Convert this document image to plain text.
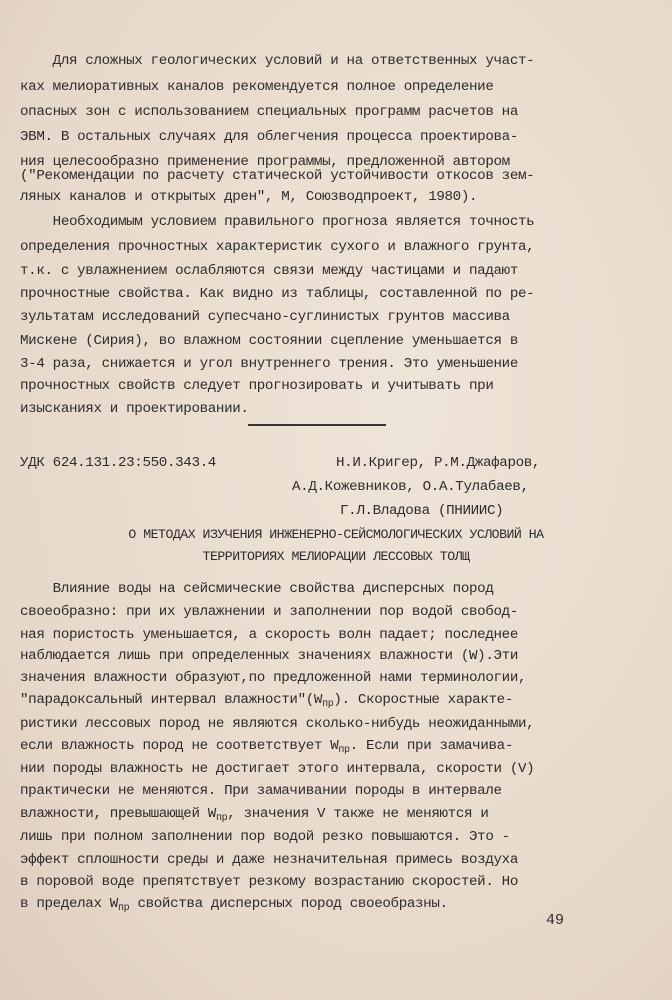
Для сложных геологических условий и на ответственных участ-
ках мелиоративных каналов рекомендуется полное определение
опасных зон с использованием специальных программ расчетов на
ЭВМ. В остальных случаях для облегчения процесса проектирова-
ния целесообразно применение программы, предложенной автором
("Рекомендации по расчету статической устойчивости откосов зем-
ляных каналов и открытых дрен", М, Союзводпроект, 1980).
Необходимым условием правильного прогноза является точность
определения прочностных характеристик сухого и влажного грунта,
т.к. с увлажнением ослабляются связи между частицами и падают
прочностные свойства. Как видно из таблицы, составленной по ре-
зультатам исследований супесчано-суглинистых грунтов массива
Мискене (Сирия), во влажном состоянии сцепление уменьшается в
3-4 раза, снижается и угол внутреннего трения. Это уменьшение
прочностных свойств следует прогнозировать и учитывать при
изысканиях и проектировании.
УДК 624.131.23:550.343.4	Н.И.Кригер, Р.М.Джафаров,
А.Д.Кожевников, О.А.Тулабаев,
Г.Л.Владова (ПНИИИС)
О МЕТОДАХ ИЗУЧЕНИЯ ИНЖЕНЕРНО-СЕЙСМОЛОГИЧЕСКИХ УСЛОВИЙ НА
ТЕРРИТОРИЯХ МЕЛИОРАЦИИ ЛЕССОВЫХ ТОЛЩ
Влияние воды на сейсмические свойства дисперсных пород
своеобразно: при их увлажнении и заполнении пор водой свобод-
ная пористость уменьшается, а скорость волн падает; последнее
наблюдается лишь при определенных значениях влажности (W).Эти
значения влажности образуют,по предложенной нами терминологии,
"парадоксальный интервал $влажности"(W_{пр})$. Скоростные характе-
ристики лессовых пород не являются сколько-нибудь неожиданными,
если влажность пород не соответствует $W_{пр}$. Если при замачива-
нии породы влажность не достигает этого интервала, скорости (V)
практически не меняются. При замачивании породы в интервале
влажности, превышающей $W_{пр}$, значения V также не меняются и
лишь при полном заполнении пор водой резко повышаются. Это -
эффект сплошности среды и даже незначительная примесь воздуха
в поровой воде препятствует резкому возрастанию скоростей. Но
в пределах $W_{пр}$ свойства дисперсных пород своеобразны.
49
